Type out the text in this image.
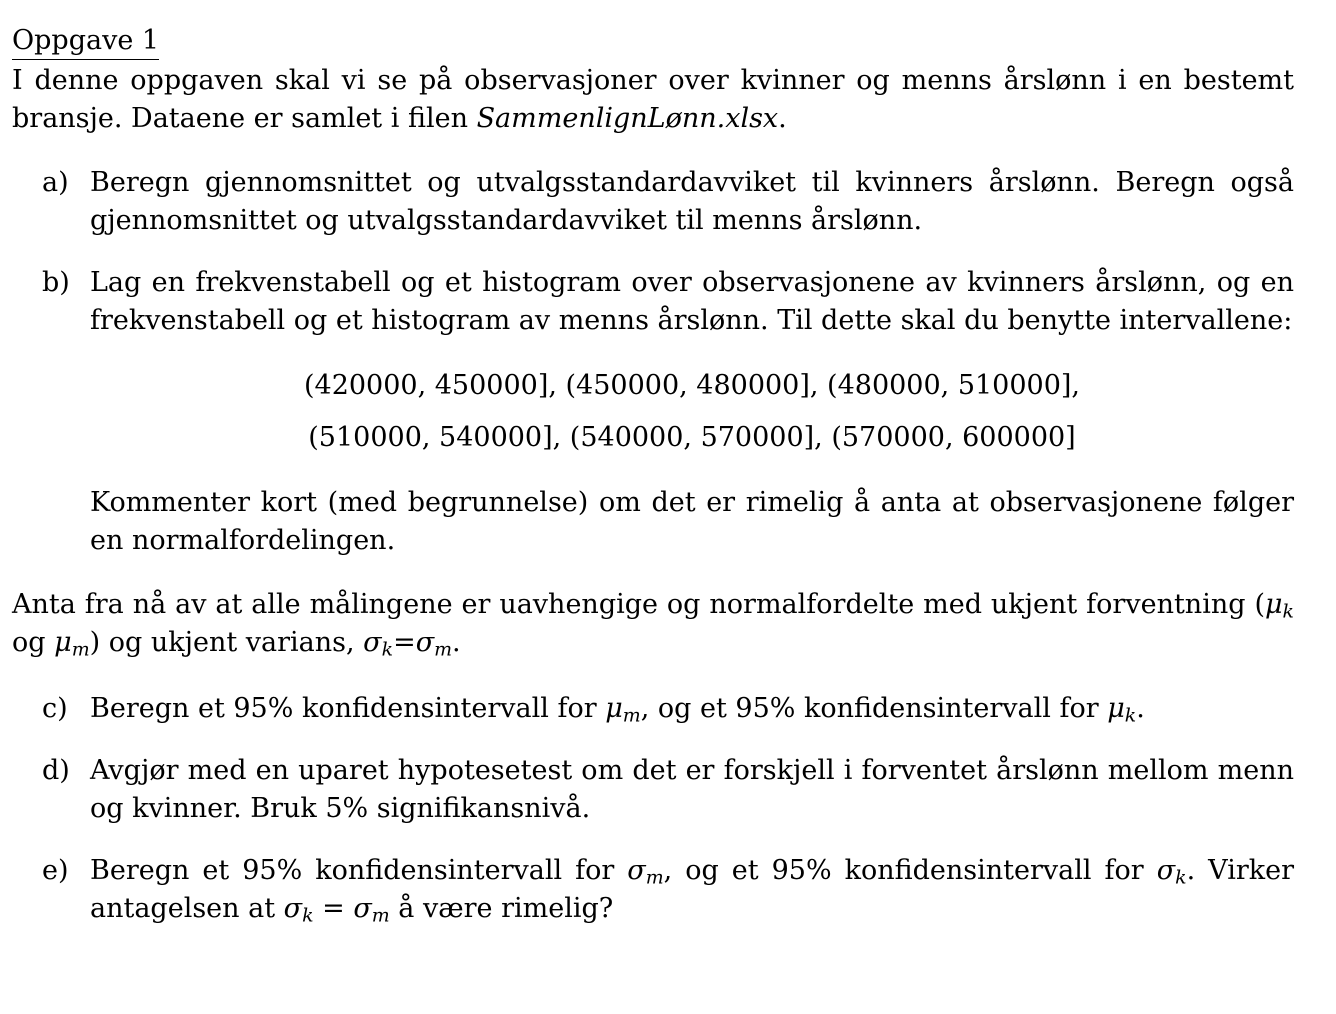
Oppgave 1

I denne oppgaven skal vi se på observasjoner over kvinner og menns årslønn i en bestemt bransje. Dataene er samlet i filen SammenlignLønn.xlsx.

a) Beregn gjennomsnittet og utvalgsstandardavviket til kvinners årslønn. Beregn også gjennomsnittet og utvalgsstandardavviket til menns årslønn.
b) Lag en frekvenstabell og et histogram over observasjonene av kvinners årslønn, og en frekvenstabell og et histogram av menns årslønn. Til dette skal du benytte intervallene:
(420000, 450000], (450000, 480000], (480000, 510000],
(510000, 540000], (540000, 570000], (570000, 600000]
Kommenter kort (med begrunnelse) om det er rimelig å anta at observasjonene følger en normalfordelingen.

Anta fra nå av at alle målingene er uavhengige og normalfordelte med ukjent forventning ($\mu_k$ og $\mu_m$) og ukjent varians, $\sigma_k=\sigma_m$.

c) Beregn et 95% konfidensintervall for $\mu_m$, og et 95% konfidensintervall for $\mu_k$.
d) Avgjør med en uparet hypotesetest om det er forskjell i forventet årslønn mellom menn og kvinner. Bruk 5% signifikansnivå.
e) Beregn et 95% konfidensintervall for $\sigma_m$, og et 95% konfidensintervall for $\sigma_k$. Virker antagelsen at $\sigma_k = \sigma_m$ å være rimelig?
